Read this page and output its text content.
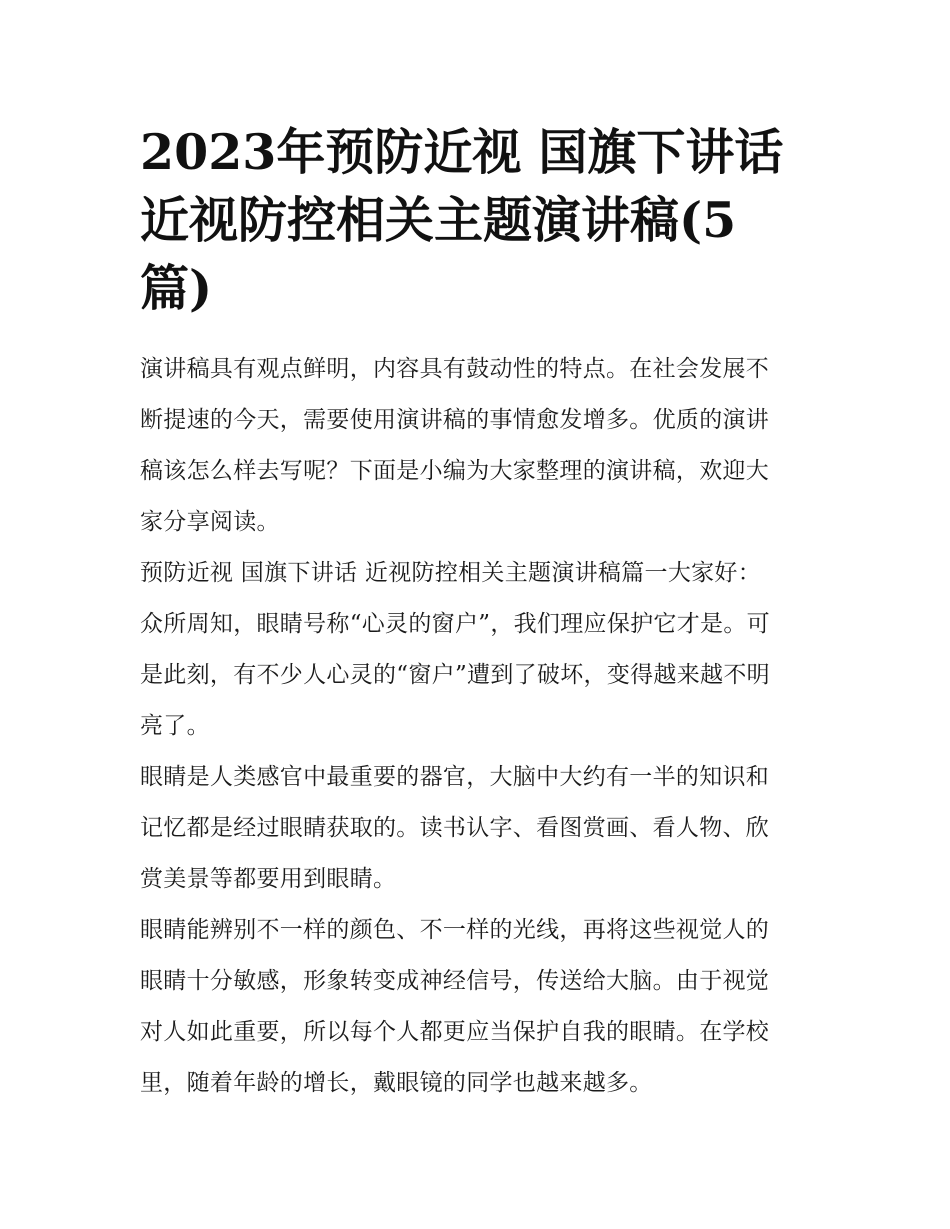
2023年预防近视 国旗下讲话
近视防控相关主题演讲稿(5
篇)

演讲稿具有观点鲜明，内容具有鼓动性的特点。在社会发展不
断提速的今天，需要使用演讲稿的事情愈发增多。优质的演讲
稿该怎么样去写呢？下面是小编为大家整理的演讲稿，欢迎大
家分享阅读。

预防近视 国旗下讲话 近视防控相关主题演讲稿篇一大家好：

众所周知，眼睛号称“心灵的窗户”，我们理应保护它才是。可
是此刻，有不少人心灵的“窗户”遭到了破坏，变得越来越不明
亮了。

眼睛是人类感官中最重要的器官，大脑中大约有一半的知识和
记忆都是经过眼睛获取的。读书认字、看图赏画、看人物、欣
赏美景等都要用到眼睛。

眼睛能辨别不一样的颜色、不一样的光线，再将这些视觉人的
眼睛十分敏感，形象转变成神经信号，传送给大脑。由于视觉
对人如此重要，所以每个人都更应当保护自我的眼睛。在学校
里，随着年龄的增长，戴眼镜的同学也越来越多。
